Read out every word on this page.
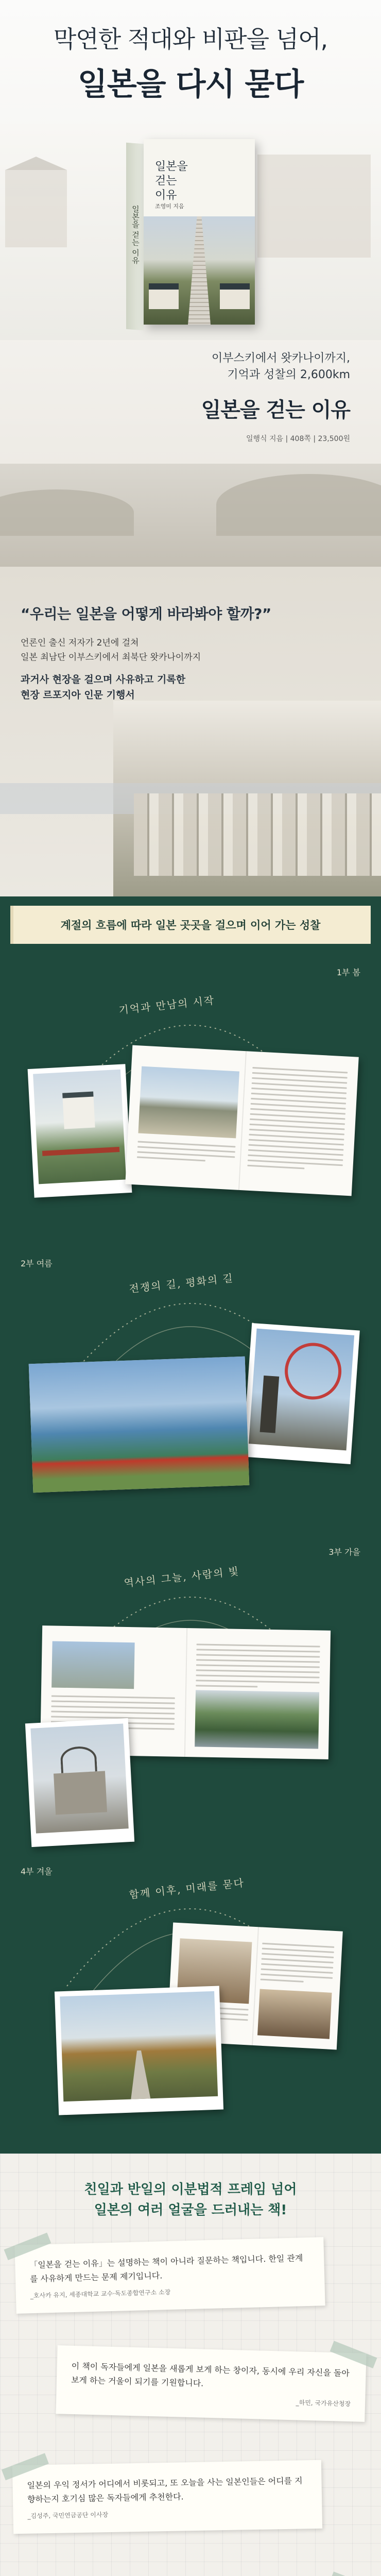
막연한 적대와 비판을 넘어,
일본을 다시 묻다
일본을 걷는 이유
일본을
걷는
이유
조영미 지음
이부스키에서 왓카나이까지,
기억과 성찰의 2,600km
일본을 걷는 이유
일행식 지음 | 408쪽 | 23,500원
“우리는 일본을 어떻게 바라봐야 할까?”
언론인 출신 저자가 2년에 걸쳐
일본 최남단 이부스키에서 최북단 왓카나이까지
과거사 현장을 걸으며 사유하고 기록한
현장 르포지아 인문 기행서
계절의 흐름에 따라 일본 곳곳을 걸으며 이어 가는 성찰
1부 봄
기억과 만남의 시작
2부 여름
전쟁의 길, 평화의 길
3부 가을
역사의 그늘, 사람의 빛
4부 겨울
함께 이후, 미래를 묻다
친일과 반일의 이분법적 프레임 넘어
일본의 여러 얼굴을 드러내는 책!
「일본을 걷는 이유」는 설명하는 책이 아니라 질문하는 책입니다. 한일 관계를 사유하게 만드는 문제 제기입니다.
_호사카 유지, 세종대학교 교수·독도종합연구소 소장
이 책이 독자들에게 일본을 새롭게 보게 하는 창이자, 동시에 우리 자신을 돌아보게 하는 거울이 되기를 기원합니다.
_하민, 국가유산청장
일본의 우익 정서가 어디에서 비롯되고, 또 오늘을 사는 일본인들은 어디를 지향하는지 호기심 많은 독자들에게 추천한다.
_김성주, 국민연금공단 이사장
